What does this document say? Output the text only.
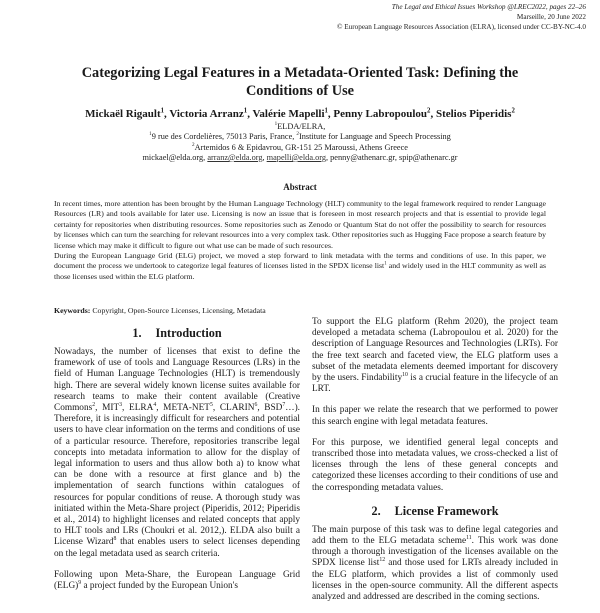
The Legal and Ethical Issues Workshop @LREC2022, pages 22–26
Marseille, 20 June 2022
© European Language Resources Association (ELRA), licensed under CC-BY-NC-4.0
Categorizing Legal Features in a Metadata-Oriented Task: Defining the
Conditions of Use
Mickaël Rigault$^1$, Victoria Arranz$^1$, Valérie Mapelli$^1$, Penny Labropoulou$^2$, Stelios Piperidis$^2$
$^1$ELDA/ELRA,
$^1$9 rue des Cordelières, 75013 Paris, France, $^2$Institute for Language and Speech Processing
$^2$Artemidos 6 & Epidavrou, GR-151 25 Maroussi, Athens Greece
mickael@elda.org, arranz@elda.org, mapelli@elda.org, penny@athenarc.gr, spip@athenarc.gr
Abstract

In recent times, more attention has been brought by the Human Language Technology (HLT) community to the legal framework required to render Language Resources (LR) and tools available for later use. Licensing is now an issue that is foreseen in most research projects and that is essential to provide legal certainty for repositories when distributing resources. Some repositories such as Zenodo or Quantum Stat do not offer the possibility to search for resources by licenses which can turn the searching for relevant resources into a very complex task. Other repositories such as Hugging Face propose a search feature by license which may make it difficult to figure out what use can be made of such resources.

During the European Language Grid (ELG) project, we moved a step forward to link metadata with the terms and conditions of use. In this paper, we document the process we undertook to categorize legal features of licenses listed in the SPDX license list$^1$ and widely used in the HLT community as well as those licenses used within the ELG platform.

Keywords: Copyright, Open-Source Licenses, Licensing, Metadata
1. Introduction

Nowadays, the number of licenses that exist to define the framework of use of tools and Language Resources (LRs) in the field of Human Language Technologies (HLT) is tremendously high. There are several widely known license suites available for research teams to make their content available (Creative Commons$^2$, MIT$^3$, ELRA$^4$, META-NET$^5$, CLARIN$^6$, BSD$^7$…). Therefore, it is increasingly difficult for researchers and potential users to have clear information on the terms and conditions of use of a particular resource. Therefore, repositories transcribe legal concepts into metadata information to allow for the display of legal information to users and thus allow both a) to know what can be done with a resource at first glance and b) the implementation of search functions within catalogues of resources for popular conditions of reuse. A thorough study was initiated within the Meta-Share project (Piperidis, 2012; Piperidis et al., 2014) to highlight licenses and related concepts that apply to HLT tools and LRs (Choukri et al. 2012,). ELDA also built a License Wizard$^8$ that enables users to select licenses depending on the legal metadata used as search criteria.

Following upon Meta-Share, the European Language Grid (ELG)$^9$ a project funded by the European Union's

To support the ELG platform (Rehm 2020), the project team developed a metadata schema (Labropoulou et al. 2020) for the description of Language Resources and Technologies (LRTs). For the free text search and faceted view, the ELG platform uses a subset of the metadata elements deemed important for discovery by the users. Findability$^{10}$ is a crucial feature in the lifecycle of an LRT.

In this paper we relate the research that we performed to power this search engine with legal metadata features.

For this purpose, we identified general legal concepts and transcribed those into metadata values, we cross-checked a list of licenses through the lens of these general concepts and categorized these licenses according to their conditions of use and the corresponding metadata values.

2. License Framework

The main purpose of this task was to define legal categories and add them to the ELG metadata scheme$^{11}$. This work was done through a thorough investigation of the licenses available on the SPDX license list$^{12}$ and those used for LRTs already included in the ELG platform, which provides a list of commonly used licenses in the open-source community. All the different aspects analyzed and addressed are described in the coming sections.
